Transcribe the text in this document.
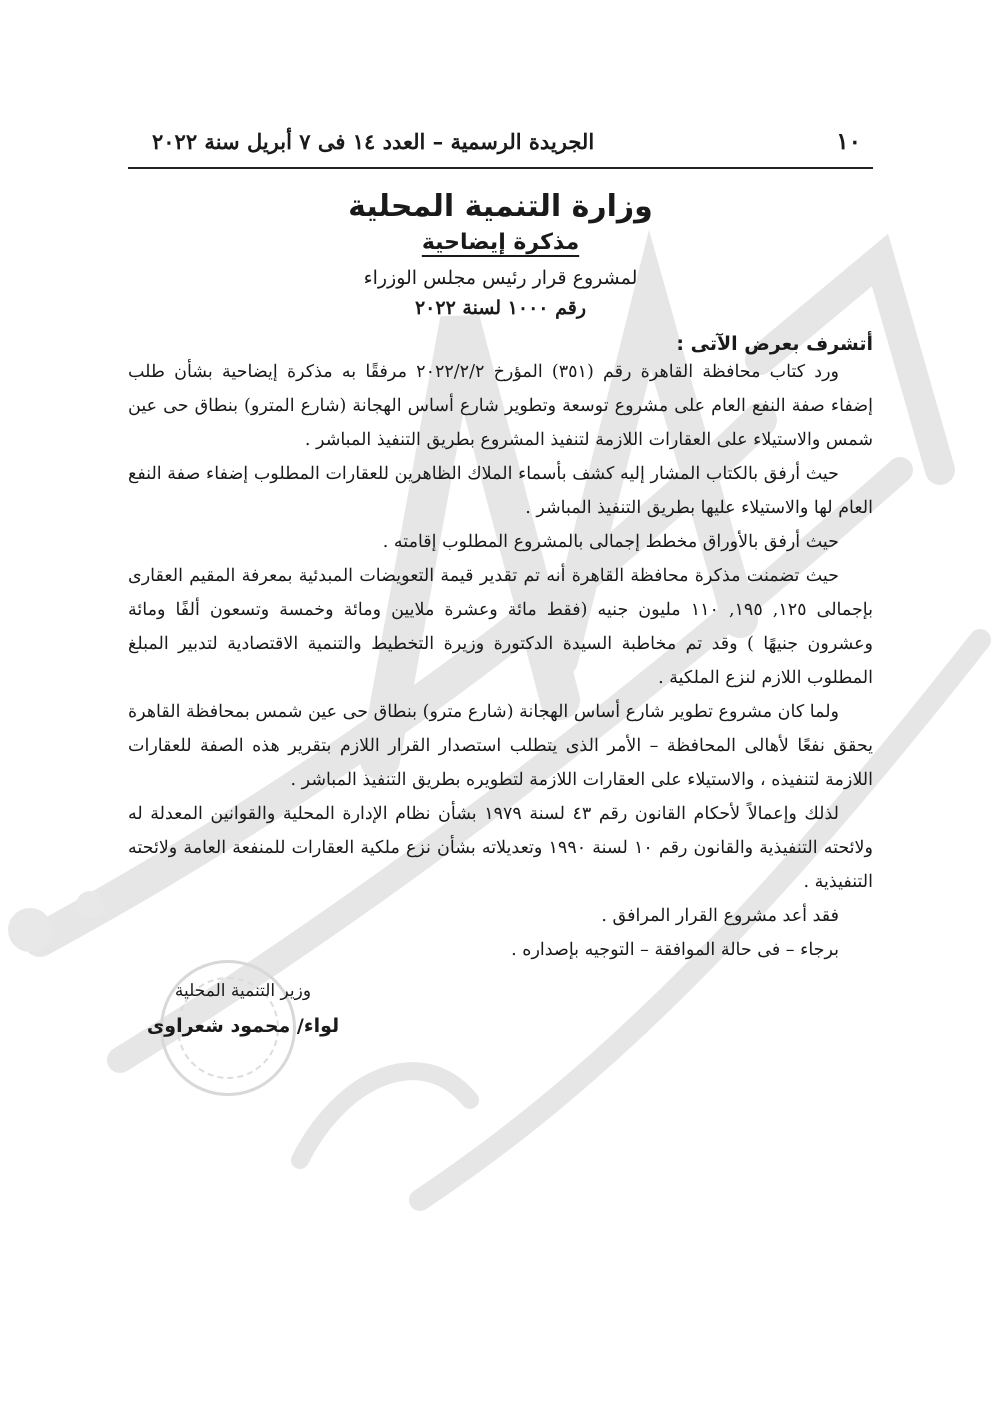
١٠
الجريدة الرسمية – العدد ١٤ فى ٧ أبريل سنة ٢٠٢٢
وزارة التنمية المحلية
مذكرة إيضاحية
لمشروع قرار رئيس مجلس الوزراء
رقم ١٠٠٠ لسنة ٢٠٢٢
أتشرف بعرض الآتى :

ورد كتاب محافظة القاهرة رقم (٣٥١) المؤرخ ٢٠٢٢/٢/٢ مرفقًا به مذكرة إيضاحية بشأن طلب إضفاء صفة النفع العام على مشروع توسعة وتطوير شارع أساس الهجانة (شارع المترو) بنطاق حى عين شمس والاستيلاء على العقارات اللازمة لتنفيذ المشروع بطريق التنفيذ المباشر .

حيث أرفق بالكتاب المشار إليه كشف بأسماء الملاك الظاهرين للعقارات المطلوب إضفاء صفة النفع العام لها والاستيلاء عليها بطريق التنفيذ المباشر .

حيث أرفق بالأوراق مخطط إجمالى بالمشروع المطلوب إقامته .

حيث تضمنت مذكرة محافظة القاهرة أنه تم تقدير قيمة التعويضات المبدئية بمعرفة المقيم العقارى بإجمالى ١٢٥, ١٩٥, ١١٠ مليون جنيه (فقط مائة وعشرة ملايين ومائة وخمسة وتسعون ألفًا ومائة وعشرون جنيهًا ) وقد تم مخاطبة السيدة الدكتورة وزيرة التخطيط والتنمية الاقتصادية لتدبير المبلغ المطلوب اللازم لنزع الملكية .

ولما كان مشروع تطوير شارع أساس الهجانة (شارع مترو) بنطاق حى عين شمس بمحافظة القاهرة يحقق نفعًا لأهالى المحافظة – الأمر الذى يتطلب استصدار القرار اللازم بتقرير هذه الصفة للعقارات اللازمة لتنفيذه ، والاستيلاء على العقارات اللازمة لتطويره بطريق التنفيذ المباشر .

لذلك وإعمالاً لأحكام القانون رقم ٤٣ لسنة ١٩٧٩ بشأن نظام الإدارة المحلية والقوانين المعدلة له ولائحته التنفيذية والقانون رقم ١٠ لسنة ١٩٩٠ وتعديلاته بشأن نزع ملكية العقارات للمنفعة العامة ولائحته التنفيذية .

فقد أعد مشروع القرار المرافق .

برجاء – فى حالة الموافقة – التوجيه بإصداره .

وزير التنمية المحلية
لواء/ محمود شعراوى
